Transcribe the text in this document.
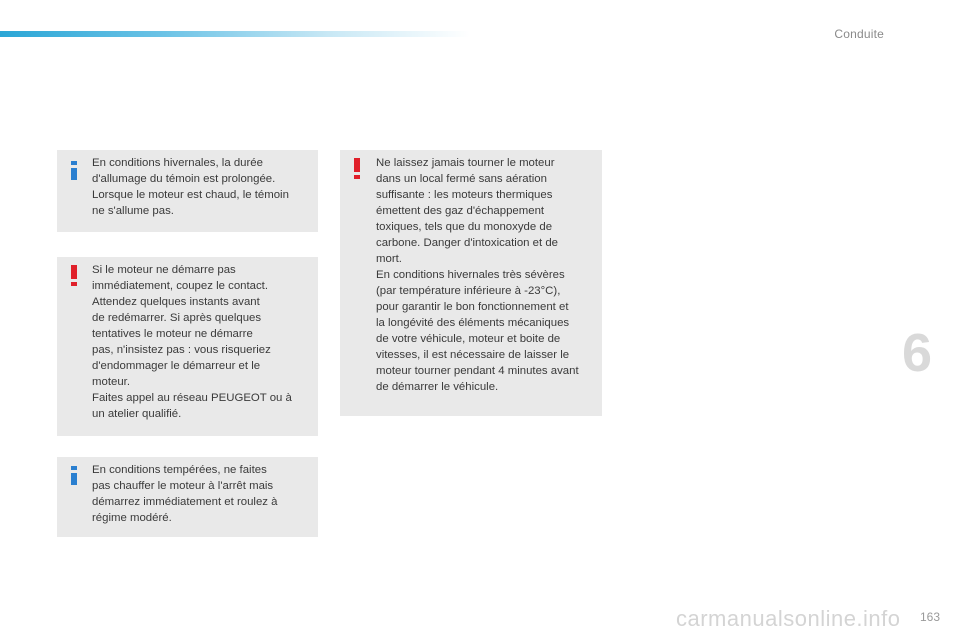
Conduite

En conditions hivernales, la durée

d'allumage du témoin est prolongée.

Lorsque le moteur est chaud, le témoin

ne s'allume pas.

Si le moteur ne démarre pas

immédiatement, coupez le contact.

Attendez quelques instants avant

de redémarrer. Si après quelques

tentatives le moteur ne démarre

pas, n'insistez pas : vous risqueriez

d'endommager le démarreur et le

moteur.

Faites appel au réseau PEUGEOT ou à

un atelier qualifié.

En conditions tempérées, ne faites

pas chauffer le moteur à l'arrêt mais

démarrez immédiatement et roulez à

régime modéré.

Ne laissez jamais tourner le moteur

dans un local fermé sans aération

suffisante : les moteurs thermiques

émettent des gaz d'échappement

toxiques, tels que du monoxyde de

carbone. Danger d'intoxication et de

mort.

En conditions hivernales très sévères

(par température inférieure à -23°C),

pour garantir le bon fonctionnement et

la longévité des éléments mécaniques

de votre véhicule, moteur et boite de

vitesses, il est nécessaire de laisser le

moteur tourner pendant 4 minutes avant

de démarrer le véhicule.

6
carmanualsonline.info 163
